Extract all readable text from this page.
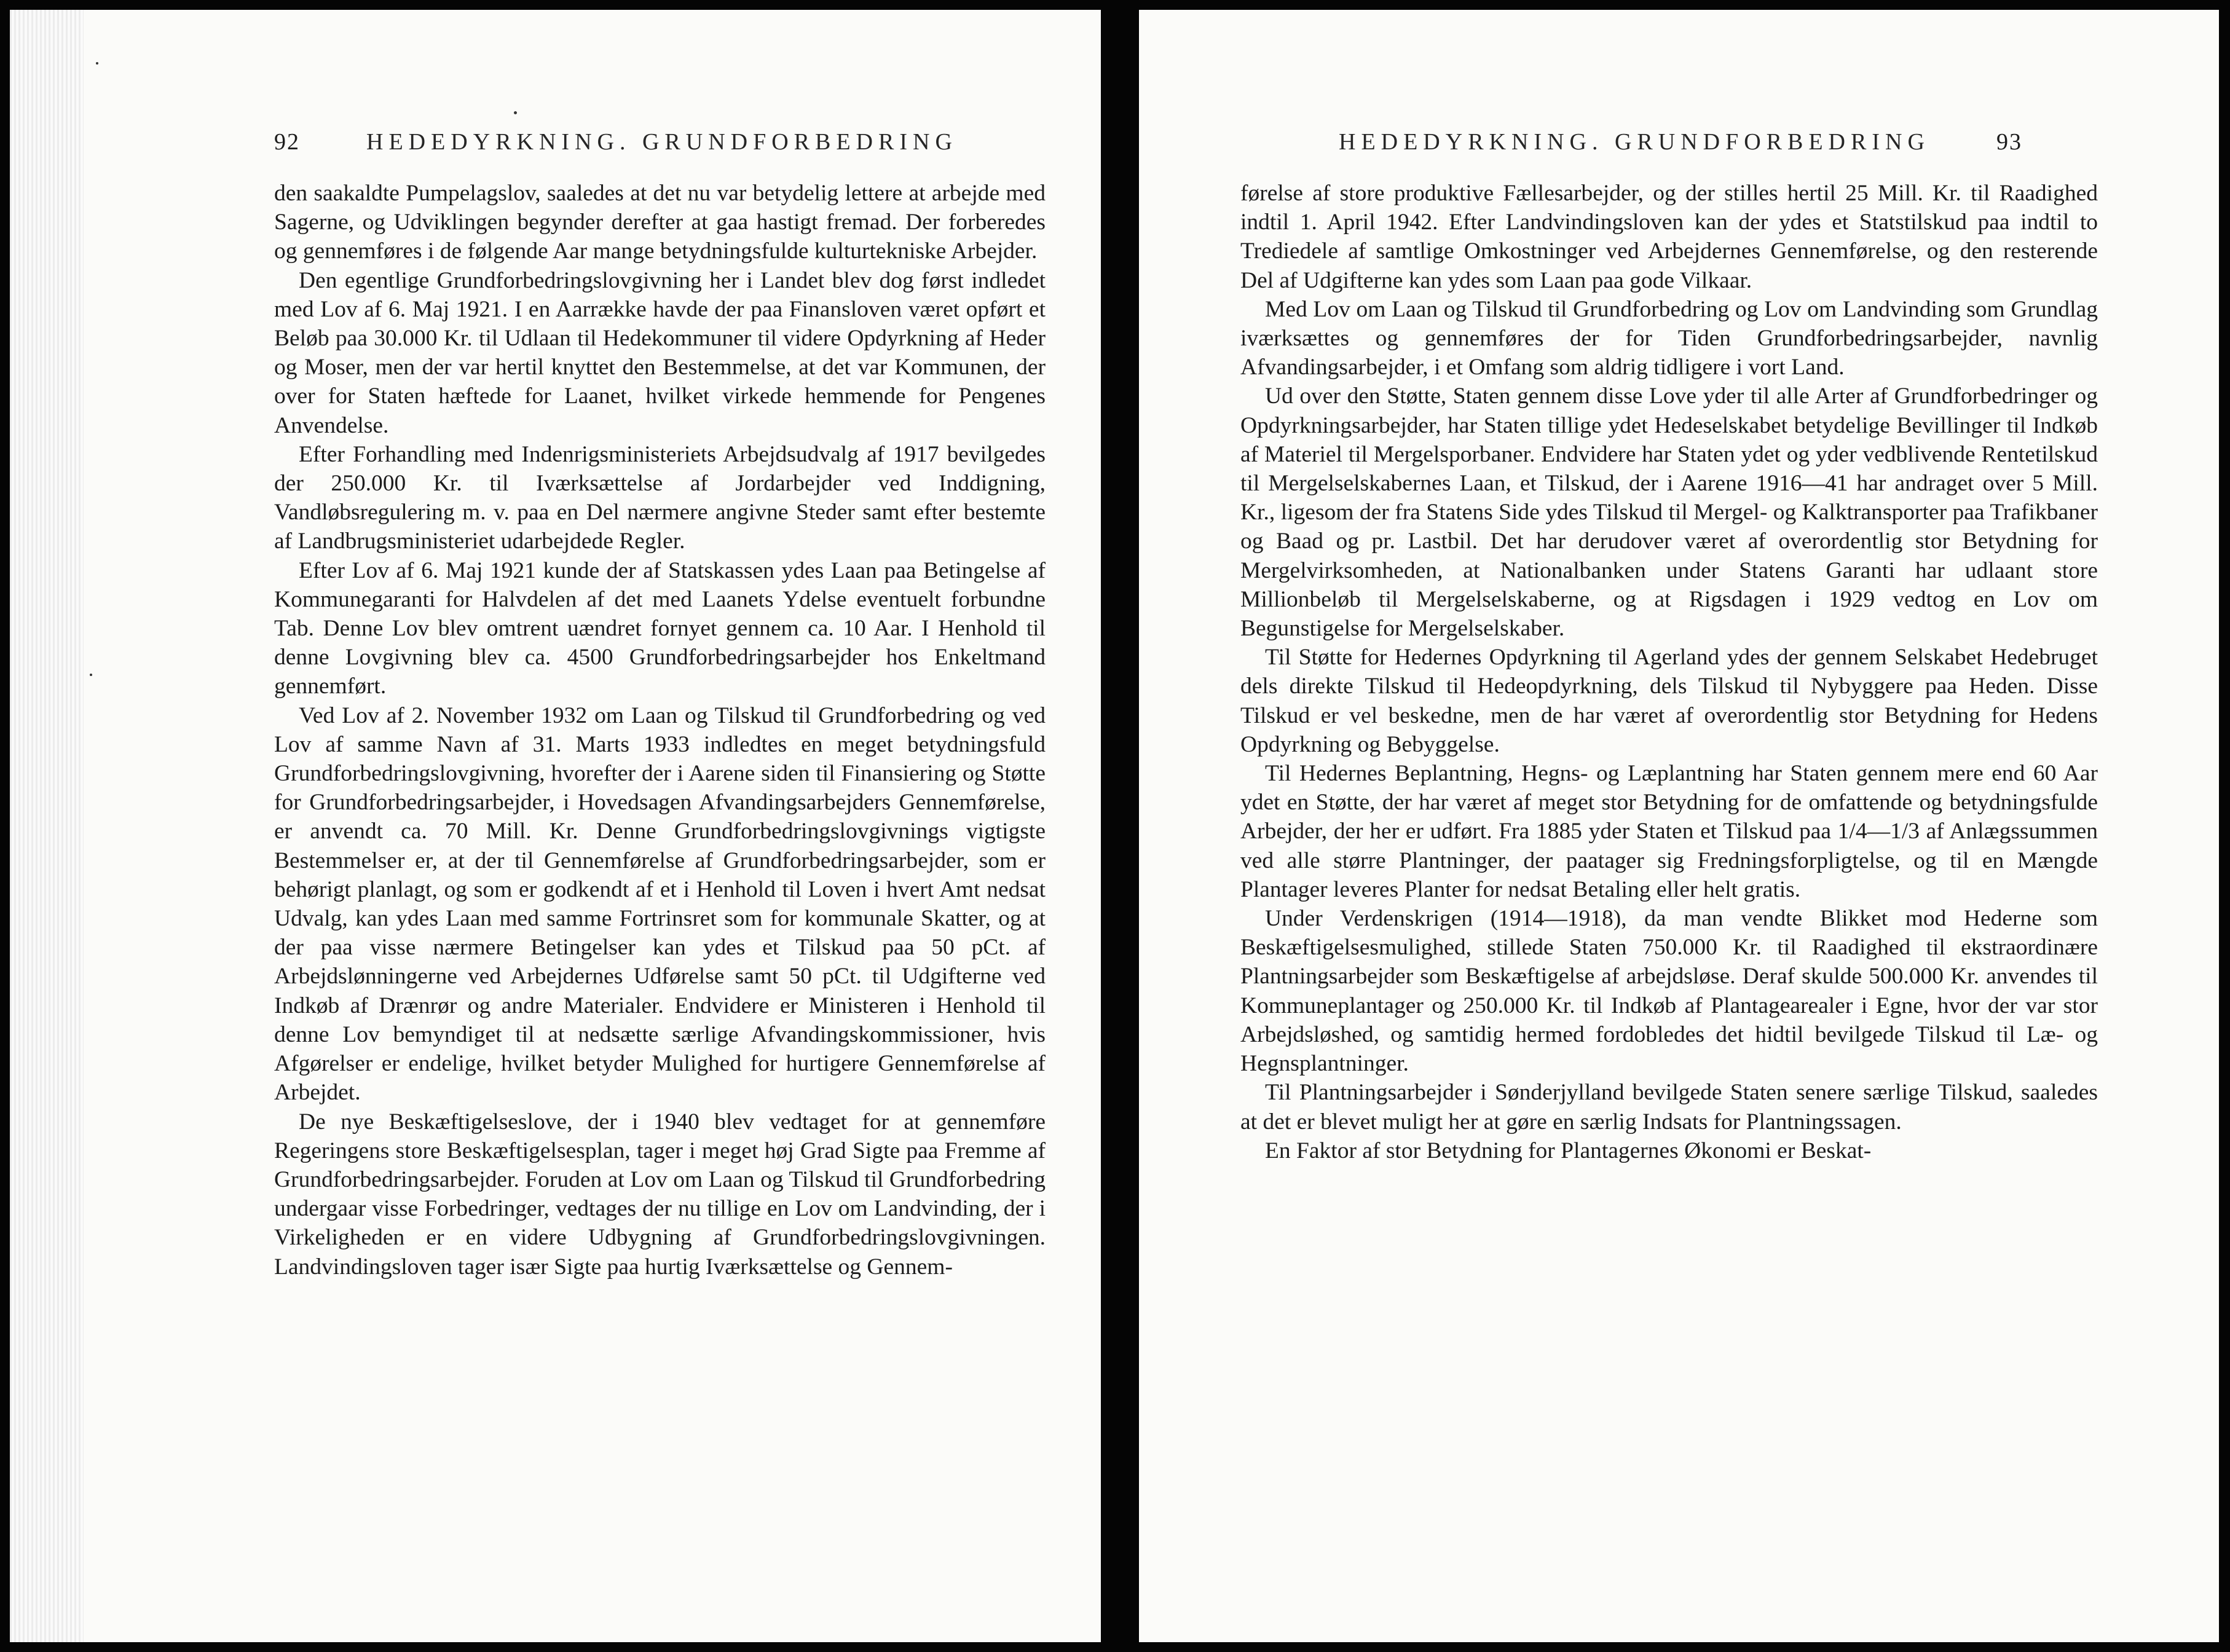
92	HEDEDYRKNING. GRUNDFORBEDRING

den saakaldte Pumpelagslov, saaledes at det nu var betydelig lettere at arbejde med Sagerne, og Udviklingen begynder derefter at gaa hastigt fremad. Der forberedes og gennemføres i de følgende Aar mange betydningsfulde kulturtekniske Arbejder.

Den egentlige Grundforbedringslovgivning her i Landet blev dog først indledet med Lov af 6. Maj 1921. I en Aarrække havde der paa Finansloven været opført et Beløb paa 30.000 Kr. til Udlaan til Hedekommuner til videre Opdyrkning af Heder og Moser, men der var hertil knyttet den Bestemmelse, at det var Kommunen, der over for Staten hæftede for Laanet, hvilket virkede hemmende for Pengenes Anvendelse.

Efter Forhandling med Indenrigsministeriets Arbejdsudvalg af 1917 bevilgedes der 250.000 Kr. til Iværksættelse af Jordarbejder ved Inddigning, Vandløbsregulering m. v. paa en Del nærmere angivne Steder samt efter bestemte af Landbrugsministeriet udarbejdede Regler.

Efter Lov af 6. Maj 1921 kunde der af Statskassen ydes Laan paa Betingelse af Kommunegaranti for Halvdelen af det med Laanets Ydelse eventuelt forbundne Tab. Denne Lov blev omtrent uændret fornyet gennem ca. 10 Aar. I Henhold til denne Lovgivning blev ca. 4500 Grundforbedringsarbejder hos Enkeltmand gennemført.

Ved Lov af 2. November 1932 om Laan og Tilskud til Grundforbedring og ved Lov af samme Navn af 31. Marts 1933 indledtes en meget betydningsfuld Grundforbedringslovgivning, hvorefter der i Aarene siden til Finansiering og Støtte for Grundforbedringsarbejder, i Hovedsagen Afvandingsarbejders Gennemførelse, er anvendt ca. 70 Mill. Kr. Denne Grundforbedringslovgivnings vigtigste Bestemmelser er, at der til Gennemførelse af Grundforbedringsarbejder, som er behørigt planlagt, og som er godkendt af et i Henhold til Loven i hvert Amt nedsat Udvalg, kan ydes Laan med samme Fortrinsret som for kommunale Skatter, og at der paa visse nærmere Betingelser kan ydes et Tilskud paa 50 pCt. af Arbejdslønningerne ved Arbejdernes Udførelse samt 50 pCt. til Udgifterne ved Indkøb af Drænrør og andre Materialer. Endvidere er Ministeren i Henhold til denne Lov bemyndiget til at nedsætte særlige Afvandingskommissioner, hvis Afgørelser er endelige, hvilket betyder Mulighed for hurtigere Gennemførelse af Arbejdet.

De nye Beskæftigelseslove, der i 1940 blev vedtaget for at gennemføre Regeringens store Beskæftigelsesplan, tager i meget høj Grad Sigte paa Fremme af Grundforbedringsarbejder. Foruden at Lov om Laan og Tilskud til Grundforbedring undergaar visse Forbedringer, vedtages der nu tillige en Lov om Landvinding, der i Virkeligheden er en videre Udbygning af Grundforbedringslovgivningen. Landvindingsloven tager især Sigte paa hurtig Iværksættelse og Gennem-

HEDEDYRKNING. GRUNDFORBEDRING	93

førelse af store produktive Fællesarbejder, og der stilles hertil 25 Mill. Kr. til Raadighed indtil 1. April 1942. Efter Landvindingsloven kan der ydes et Statstilskud paa indtil to Trediedele af samtlige Omkostninger ved Arbejdernes Gennemførelse, og den resterende Del af Udgifterne kan ydes som Laan paa gode Vilkaar.

Med Lov om Laan og Tilskud til Grundforbedring og Lov om Landvinding som Grundlag iværksættes og gennemføres der for Tiden Grundforbedringsarbejder, navnlig Afvandingsarbejder, i et Omfang som aldrig tidligere i vort Land.

Ud over den Støtte, Staten gennem disse Love yder til alle Arter af Grundforbedringer og Opdyrkningsarbejder, har Staten tillige ydet Hedeselskabet betydelige Bevillinger til Indkøb af Materiel til Mergelsporbaner. Endvidere har Staten ydet og yder vedblivende Rentetilskud til Mergelselskabernes Laan, et Tilskud, der i Aarene 1916—41 har andraget over 5 Mill. Kr., ligesom der fra Statens Side ydes Tilskud til Mergel- og Kalktransporter paa Trafikbaner og Baad og pr. Lastbil. Det har derudover været af overordentlig stor Betydning for Mergelvirksomheden, at Nationalbanken under Statens Garanti har udlaant store Millionbeløb til Mergelselskaberne, og at Rigsdagen i 1929 vedtog en Lov om Begunstigelse for Mergelselskaber.

Til Støtte for Hedernes Opdyrkning til Agerland ydes der gennem Selskabet Hedebruget dels direkte Tilskud til Hedeopdyrkning, dels Tilskud til Nybyggere paa Heden. Disse Tilskud er vel beskedne, men de har været af overordentlig stor Betydning for Hedens Opdyrkning og Bebyggelse.

Til Hedernes Beplantning, Hegns- og Læplantning har Staten gennem mere end 60 Aar ydet en Støtte, der har været af meget stor Betydning for de omfattende og betydningsfulde Arbejder, der her er udført. Fra 1885 yder Staten et Tilskud paa 1/4—1/3 af Anlægssummen ved alle større Plantninger, der paatager sig Fredningsforpligtelse, og til en Mængde Plantager leveres Planter for nedsat Betaling eller helt gratis.

Under Verdenskrigen (1914—1918), da man vendte Blikket mod Hederne som Beskæftigelsesmulighed, stillede Staten 750.000 Kr. til Raadighed til ekstraordinære Plantningsarbejder som Beskæftigelse af arbejdsløse. Deraf skulde 500.000 Kr. anvendes til Kommuneplantager og 250.000 Kr. til Indkøb af Plantagearealer i Egne, hvor der var stor Arbejdsløshed, og samtidig hermed fordobledes det hidtil bevilgede Tilskud til Læ- og Hegnsplantninger.

Til Plantningsarbejder i Sønderjylland bevilgede Staten senere særlige Tilskud, saaledes at det er blevet muligt her at gøre en særlig Indsats for Plantningssagen.

En Faktor af stor Betydning for Plantagernes Økonomi er Beskat-
